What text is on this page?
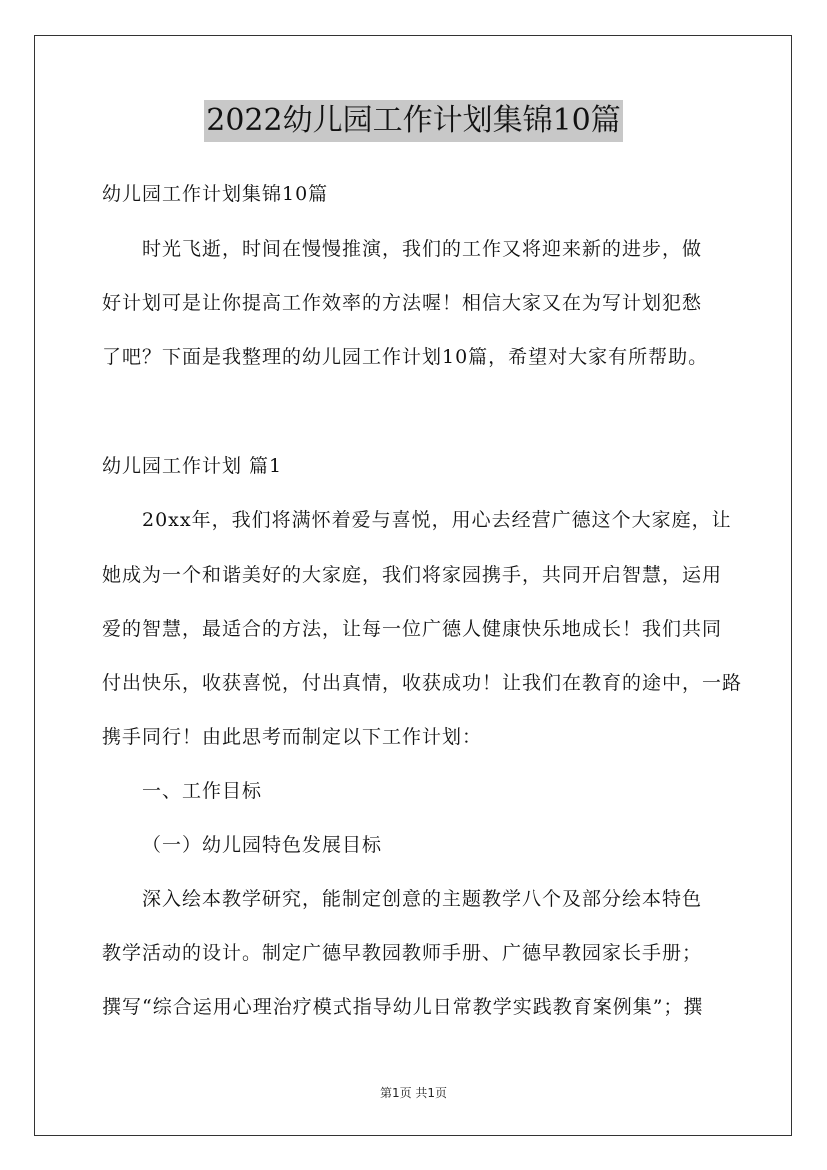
2022幼儿园工作计划集锦10篇
幼儿园工作计划集锦10篇
时光飞逝，时间在慢慢推演，我们的工作又将迎来新的进步，做
好计划可是让你提高工作效率的方法喔！相信大家又在为写计划犯愁
了吧？下面是我整理的幼儿园工作计划10篇，希望对大家有所帮助。
幼儿园工作计划 篇1
20xx年，我们将满怀着爱与喜悦，用心去经营广德这个大家庭，让
她成为一个和谐美好的大家庭，我们将家园携手，共同开启智慧，运用
爱的智慧，最适合的方法，让每一位广德人健康快乐地成长！我们共同
付出快乐，收获喜悦，付出真情，收获成功！让我们在教育的途中，一路
携手同行！由此思考而制定以下工作计划：
一、工作目标
（一）幼儿园特色发展目标
深入绘本教学研究，能制定创意的主题教学八个及部分绘本特色
教学活动的设计。制定广德早教园教师手册、广德早教园家长手册；
撰写“综合运用心理治疗模式指导幼儿日常教学实践教育案例集”；撰
第1页 共1页
